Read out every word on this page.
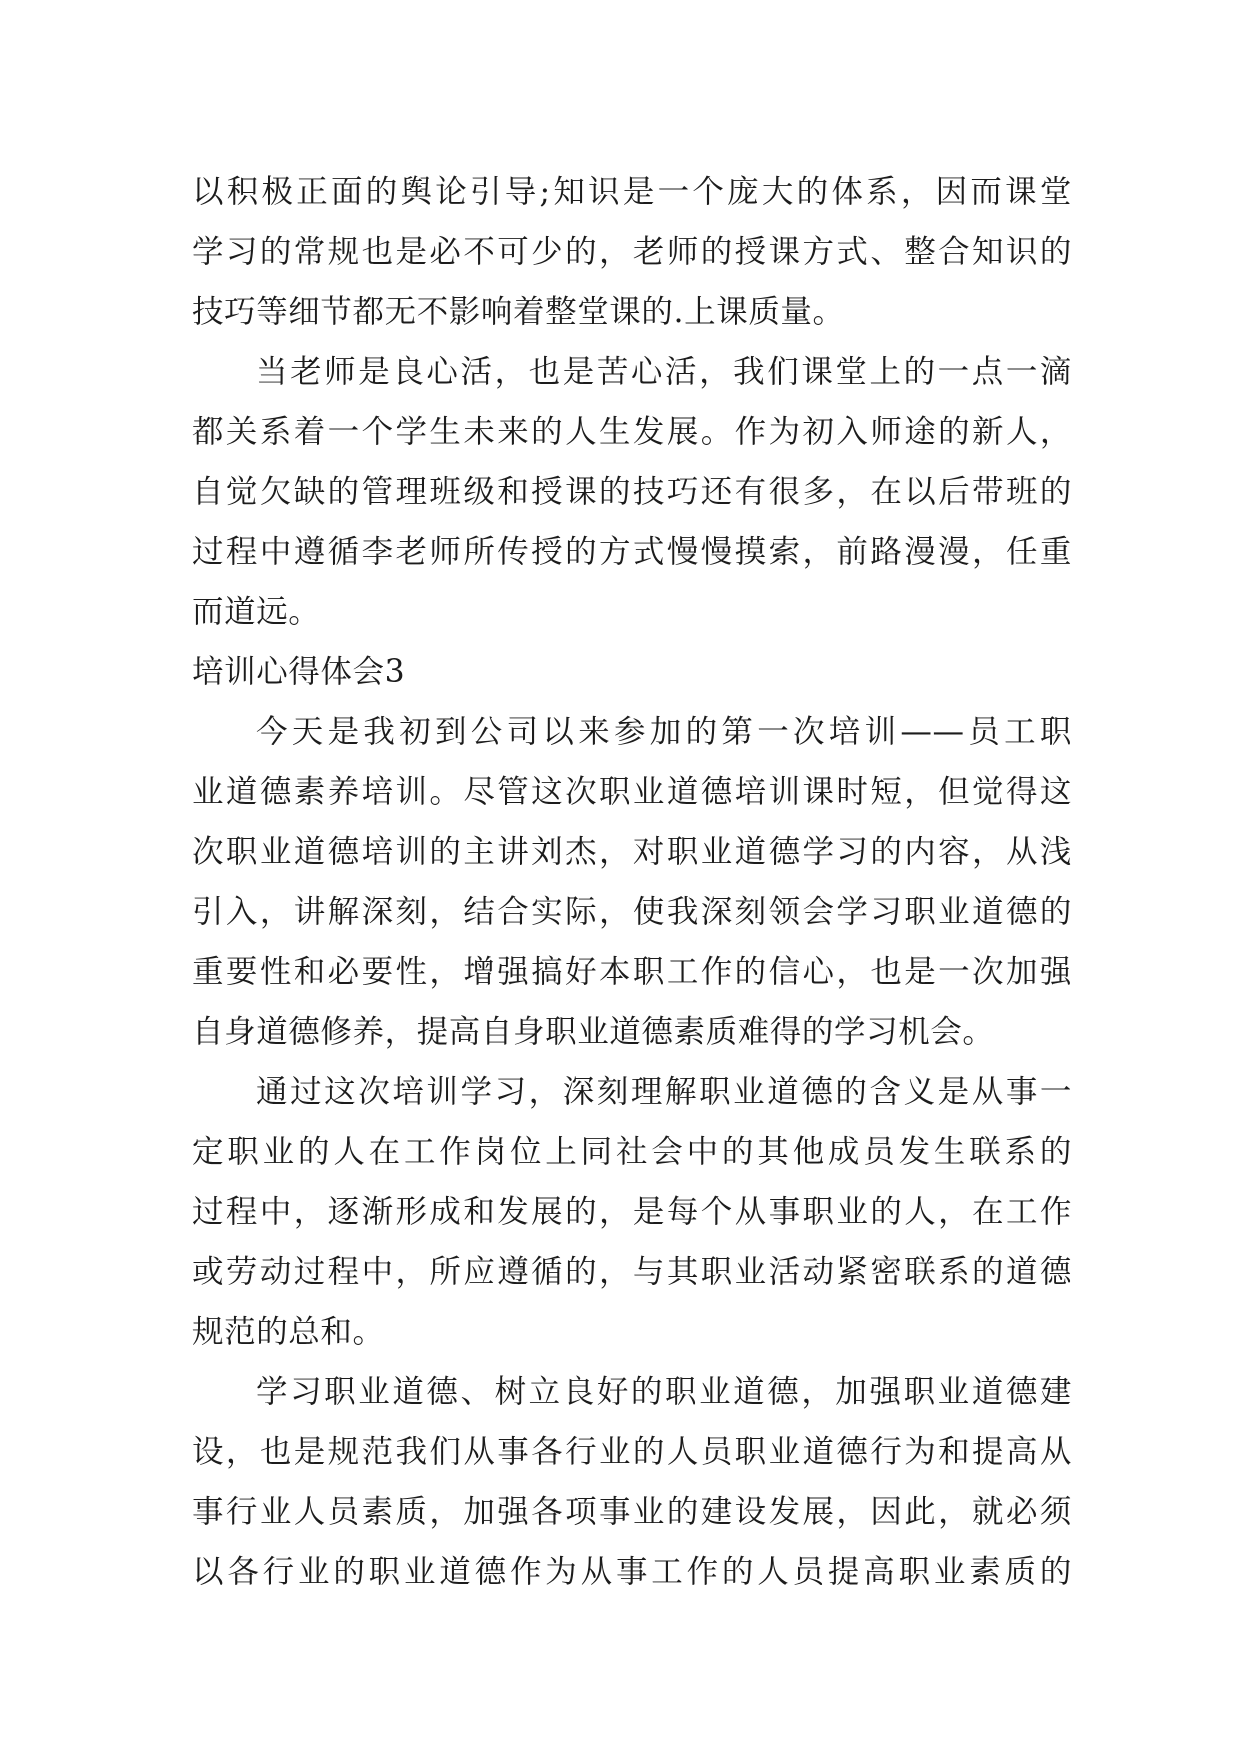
以积极正面的舆论引导;知识是一个庞大的体系，因而课堂
学习的常规也是必不可少的，老师的授课方式、整合知识的
技巧等细节都无不影响着整堂课的.上课质量。
当老师是良心活，也是苦心活，我们课堂上的一点一滴
都关系着一个学生未来的人生发展。作为初入师途的新人，
自觉欠缺的管理班级和授课的技巧还有很多，在以后带班的
过程中遵循李老师所传授的方式慢慢摸索，前路漫漫，任重
而道远。
培训心得体会3
今天是我初到公司以来参加的第一次培训——员工职
业道德素养培训。尽管这次职业道德培训课时短，但觉得这
次职业道德培训的主讲刘杰，对职业道德学习的内容，从浅
引入，讲解深刻，结合实际，使我深刻领会学习职业道德的
重要性和必要性，增强搞好本职工作的信心，也是一次加强
自身道德修养，提高自身职业道德素质难得的学习机会。
通过这次培训学习，深刻理解职业道德的含义是从事一
定职业的人在工作岗位上同社会中的其他成员发生联系的
过程中，逐渐形成和发展的，是每个从事职业的人，在工作
或劳动过程中，所应遵循的，与其职业活动紧密联系的道德
规范的总和。
学习职业道德、树立良好的职业道德，加强职业道德建
设，也是规范我们从事各行业的人员职业道德行为和提高从
事行业人员素质，加强各项事业的建设发展，因此，就必须
以各行业的职业道德作为从事工作的人员提高职业素质的
